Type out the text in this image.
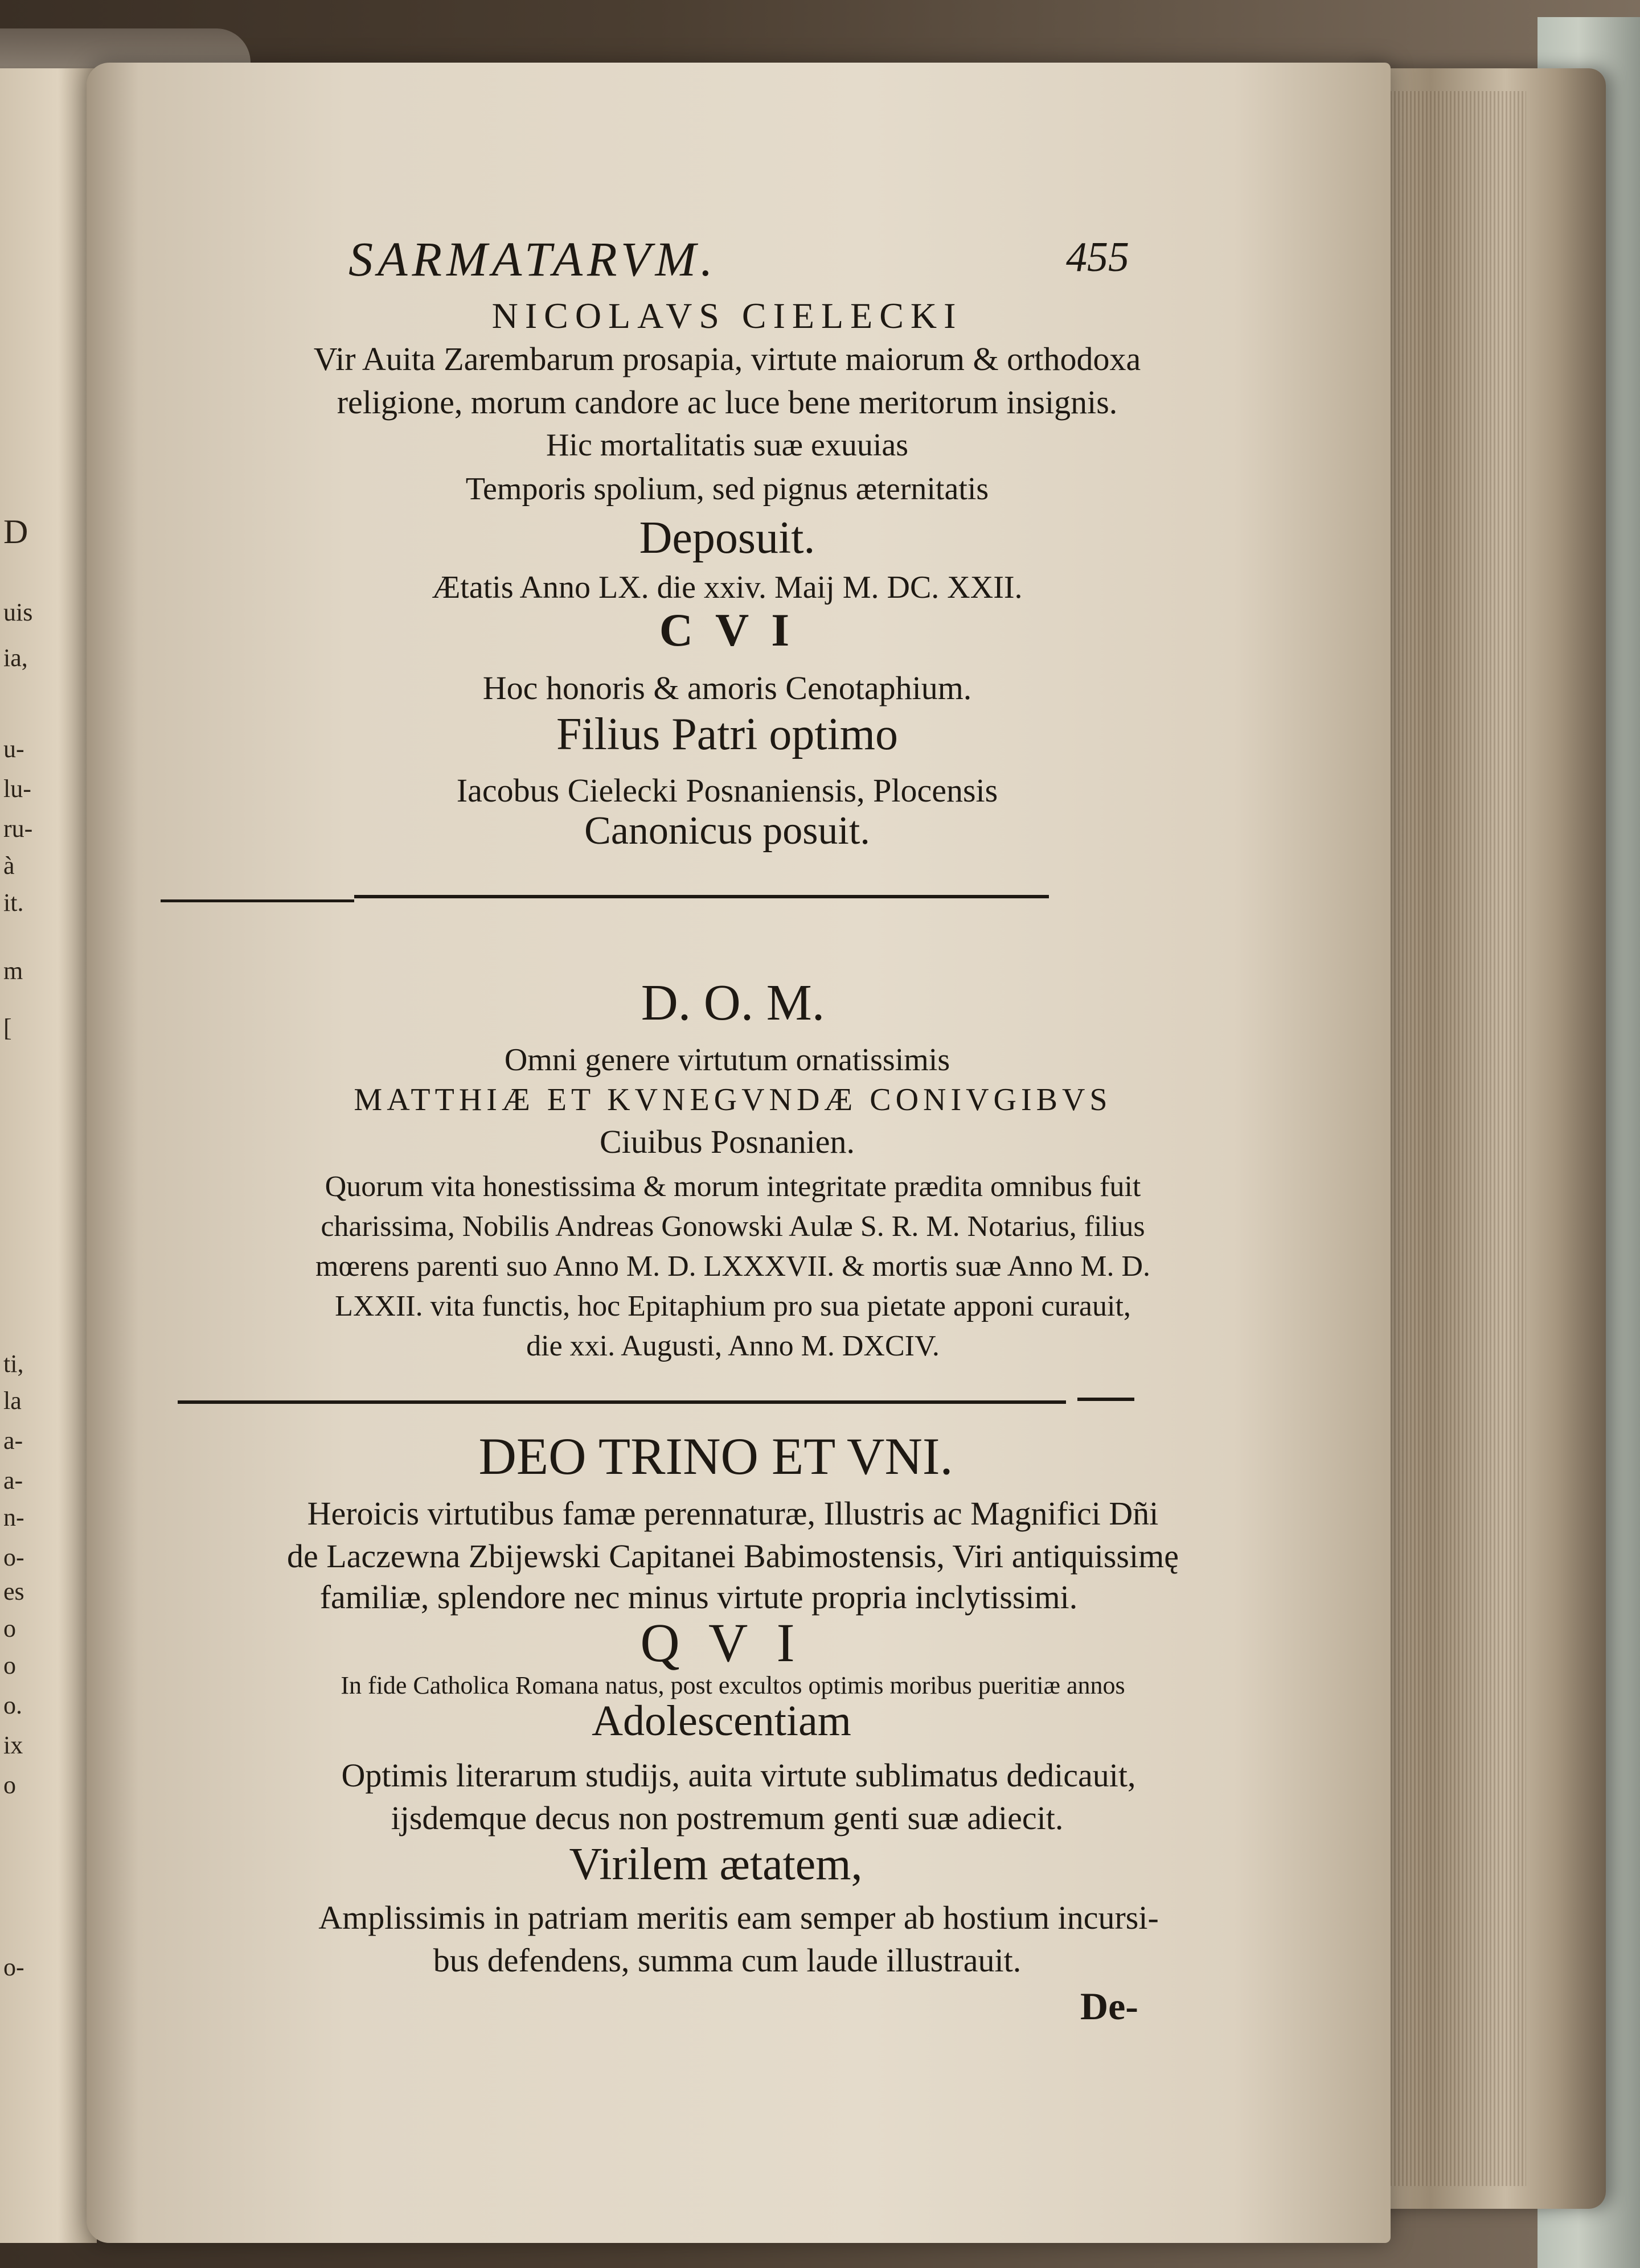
D
uis
ia,
u-
lu-
ru-
à
it.
m
[
ti,
la
a-
a-
n-
o-
es
o
o
o.
ix
o
o-
SARMATARVM.	455
NICOLAVS CIELECKI
Vir Auita Zarembarum prosapia, virtute maiorum & orthodoxa
religione, morum candore ac luce bene meritorum insignis.
Hic mortalitatis suæ exuuias
Temporis spolium, sed pignus æternitatis
Deposuit.
Ætatis Anno LX. die xxiv. Maij M. DC. XXII.
C V I
Hoc honoris & amoris Cenotaphium.
Filius Patri optimo
Iacobus Cielecki Posnaniensis, Plocensis
Canonicus posuit.
D. O. M.
Omni genere virtutum ornatissimis
MATTHIÆ ET KVNEGVNDÆ CONIVGIBVS
Ciuibus Posnanien.
Quorum vita honestissima & morum integritate prædita omnibus fuit
charissima, Nobilis Andreas Gonowski Aulæ S. R. M. Notarius, filius
mœrens parenti suo Anno M. D. LXXXVII. & mortis suæ Anno M. D.
LXXII. vita functis, hoc Epitaphium pro sua pietate apponi curauit,
die xxi. Augusti, Anno M. DXCIV.
DEO TRINO ET VNI.
Heroicis virtutibus famæ perennaturæ, Illustris ac Magnifici Dñi
de Laczewna Zbijewski Capitanei Babimostensis, Viri antiquissimę
familiæ, splendore nec minus virtute propria inclytissimi.
Q V I
In fide Catholica Romana natus, post excultos optimis moribus pueritiæ annos
Adolescentiam
Optimis literarum studijs, auita virtute sublimatus dedicauit,
ijsdemque decus non postremum genti suæ adiecit.
Virilem ætatem,
Amplissimis in patriam meritis eam semper ab hostium incursi-
bus defendens, summa cum laude illustrauit.
De-
